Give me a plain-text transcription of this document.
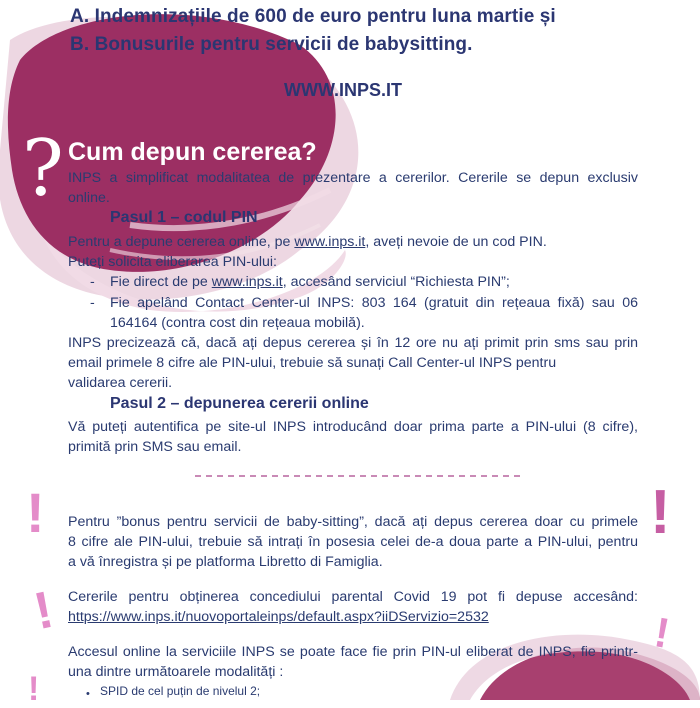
A. Indemnizațiile de 600 de euro pentru luna martie și
B. Bonusurile pentru servicii de babysitting.
WWW.INPS.IT
? Cum depun cererea?
INPS a simplificat modalitatea de prezentare a cererilor. Cererile se depun exclusiv
online.
Pasul 1 – codul PIN
Pentru a depune cererea online, pe www.inps.it, aveți nevoie de un cod PIN.
Puteți solicita eliberarea PIN-ului:
- Fie direct de pe www.inps.it, accesând serviciul “Richiesta PIN”;
- Fie apelând Contact Center-ul INPS: 803 164 (gratuit din rețeaua fixă) sau 06
164164 (contra cost din rețeaua mobilă).
INPS precizează că, dacă ați depus cererea și în 12 ore nu ați primit prin sms sau prin
email primele 8 cifre ale PIN-ului, trebuie să sunați Call Center-ul INPS pentru
validarea cererii.
Pasul 2 – depunerea cererii online
Vă puteți autentifica pe site-ul INPS introducând doar prima parte a PIN-ului (8 cifre),
primită prin SMS sau email.
Pentru ”bonus pentru servicii de baby-sitting”, dacă ați depus cererea doar cu primele
8 cifre ale PIN-ului, trebuie să intrați în posesia celei de-a doua parte a PIN-ului, pentru
a vă înregistra și pe platforma Libretto di Famiglia.
Cererile pentru obținerea concediului parental Covid 19 pot fi depuse accesând:
https://www.inps.it/nuovoportaleinps/default.aspx?iiDServizio=2532
Accesul online la serviciile INPS se poate face fie prin PIN-ul eliberat de INPS, fie printr-
una dintre următoarele modalități :
• SPID de cel puțin de nivelul 2;
!	!
!	!
!
